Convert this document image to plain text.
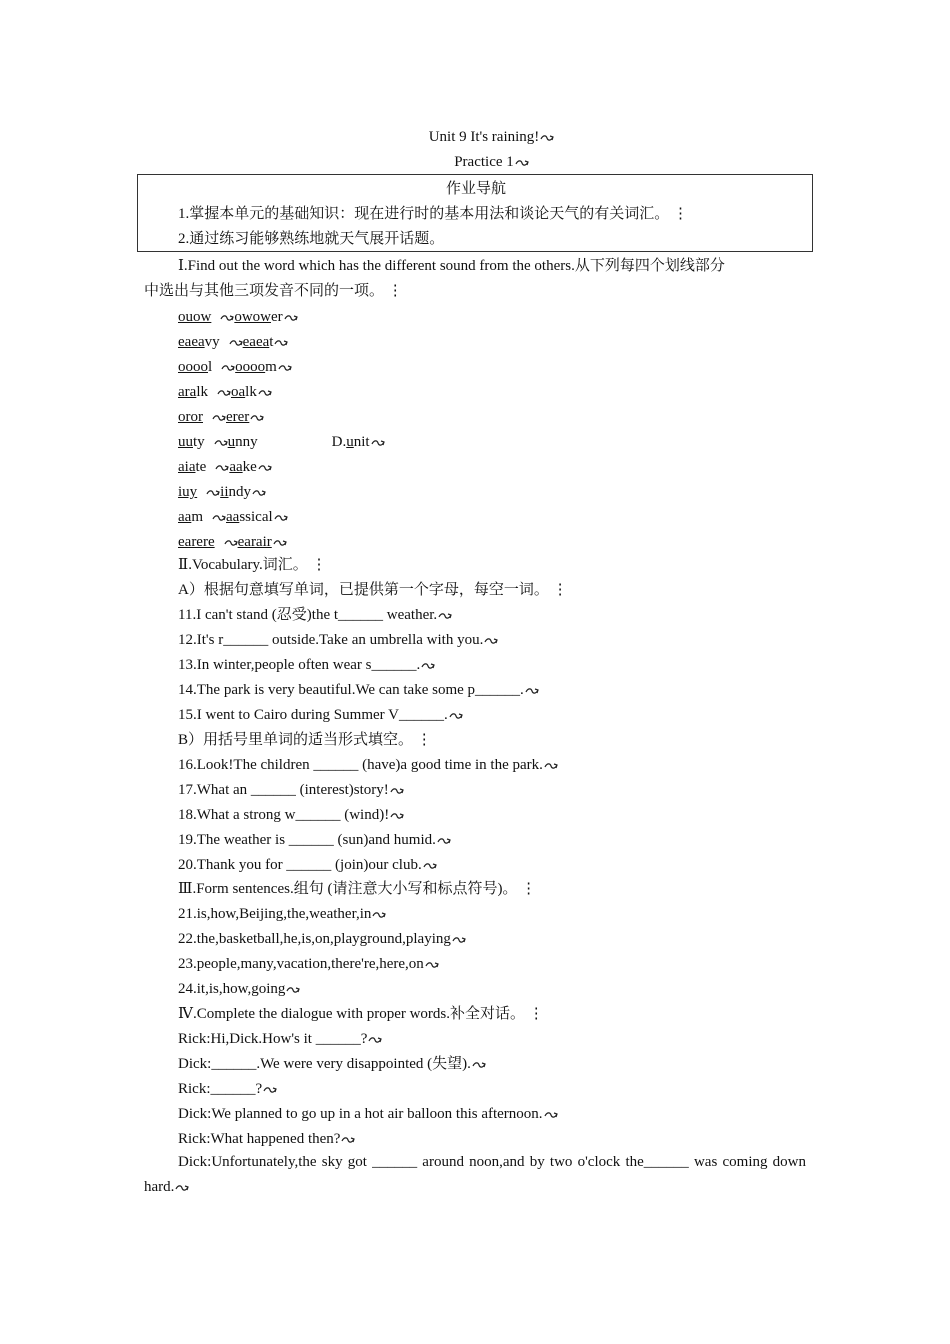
Unit 9 It's raining!
Practice 1
作业导航
1.掌握本单元的基础知识：现在进行时的基本用法和谈论天气的有关词汇。 ⋮
2.通过练习能够熟练地就天气展开话题。
Ⅰ.Find out the word which has the different sound from the others.从下列每四个划线部分
中选出与其他三项发音不同的一项。 ⋮
ouow owower
eaeavy eaeat
ooool oooom
aralk oalk
oror erer
uuty unny	D.unit
aiate aake
iuy iindy
aam aassical
earere earair
Ⅱ.Vocabulary.词汇。 ⋮
A）根据句意填写单词，已提供第一个字母，每空一词。 ⋮
11.I can't stand (忍受)the t______ weather.
12.It's r______ outside.Take an umbrella with you.
13.In winter,people often wear s______.
14.The park is very beautiful.We can take some p______.
15.I went to Cairo during Summer V______.
B）用括号里单词的适当形式填空。 ⋮
16.Look!The children ______ (have)a good time in the park.
17.What an ______ (interest)story!
18.What a strong w______ (wind)!
19.The weather is ______ (sun)and humid.
20.Thank you for ______ (join)our club.
Ⅲ.Form sentences.组句 (请注意大小写和标点符号)。 ⋮
21.is,how,Beijing,the,weather,in
22.the,basketball,he,is,on,playground,playing
23.people,many,vacation,there're,here,on
24.it,is,how,going
Ⅳ.Complete the dialogue with proper words.补全对话。 ⋮
Rick:Hi,Dick.How's it ______?
Dick:______.We were very disappointed (失望).
Rick:______?
Dick:We planned to go up in a hot air balloon this afternoon.
Rick:What happened then?
Dick:Unfortunately,the sky got ______ around noon,and by two o'clock the______ was coming down hard.
